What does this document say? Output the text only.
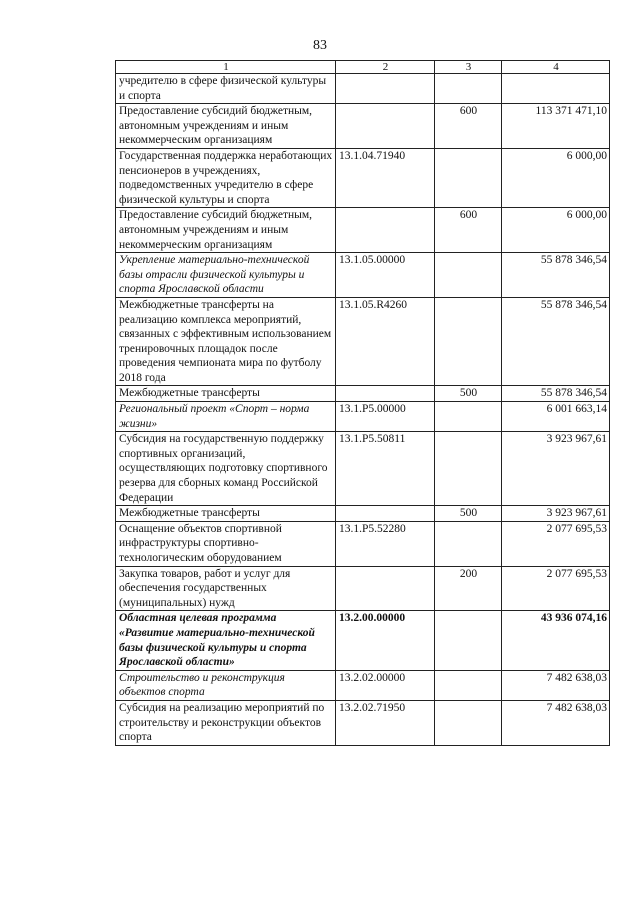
83
1	2	3	4
учредителю в сфере физической культуры и спорта			
Предоставление субсидий бюджетным, автономным учреждениям и иным некоммерческим организациям		600	113 371 471,10
Государственная поддержка неработающих пенсионеров в учреждениях, подведомственных учредителю в сфере физической культуры и спорта	13.1.04.71940		6 000,00
Предоставление субсидий бюджетным, автономным учреждениям и иным некоммерческим организациям		600	6 000,00
Укрепление материально-технической базы отрасли физической культуры и спорта Ярославской области	13.1.05.00000		55 878 346,54
Межбюджетные трансферты на реализацию комплекса мероприятий, связанных с эффективным использованием тренировочных площадок после проведения чемпионата мира по футболу 2018 года	13.1.05.R4260		55 878 346,54
Межбюджетные трансферты		500	55 878 346,54
Региональный проект «Спорт – норма жизни»	13.1.P5.00000		6 001 663,14
Субсидия на государственную поддержку спортивных организаций, осуществляющих подготовку спортивного резерва для сборных команд Российской Федерации	13.1.P5.50811		3 923 967,61
Межбюджетные трансферты		500	3 923 967,61
Оснащение объектов спортивной инфраструктуры спортивно-технологическим оборудованием	13.1.P5.52280		2 077 695,53
Закупка товаров, работ и услуг для обеспечения государственных (муниципальных) нужд		200	2 077 695,53
Областная целевая программа «Развитие материально-технической базы физической культуры и спорта Ярославской области»	13.2.00.00000		43 936 074,16
Строительство и реконструкция объектов спорта	13.2.02.00000		7 482 638,03
Субсидия на реализацию мероприятий по строительству и реконструкции объектов спорта	13.2.02.71950		7 482 638,03
